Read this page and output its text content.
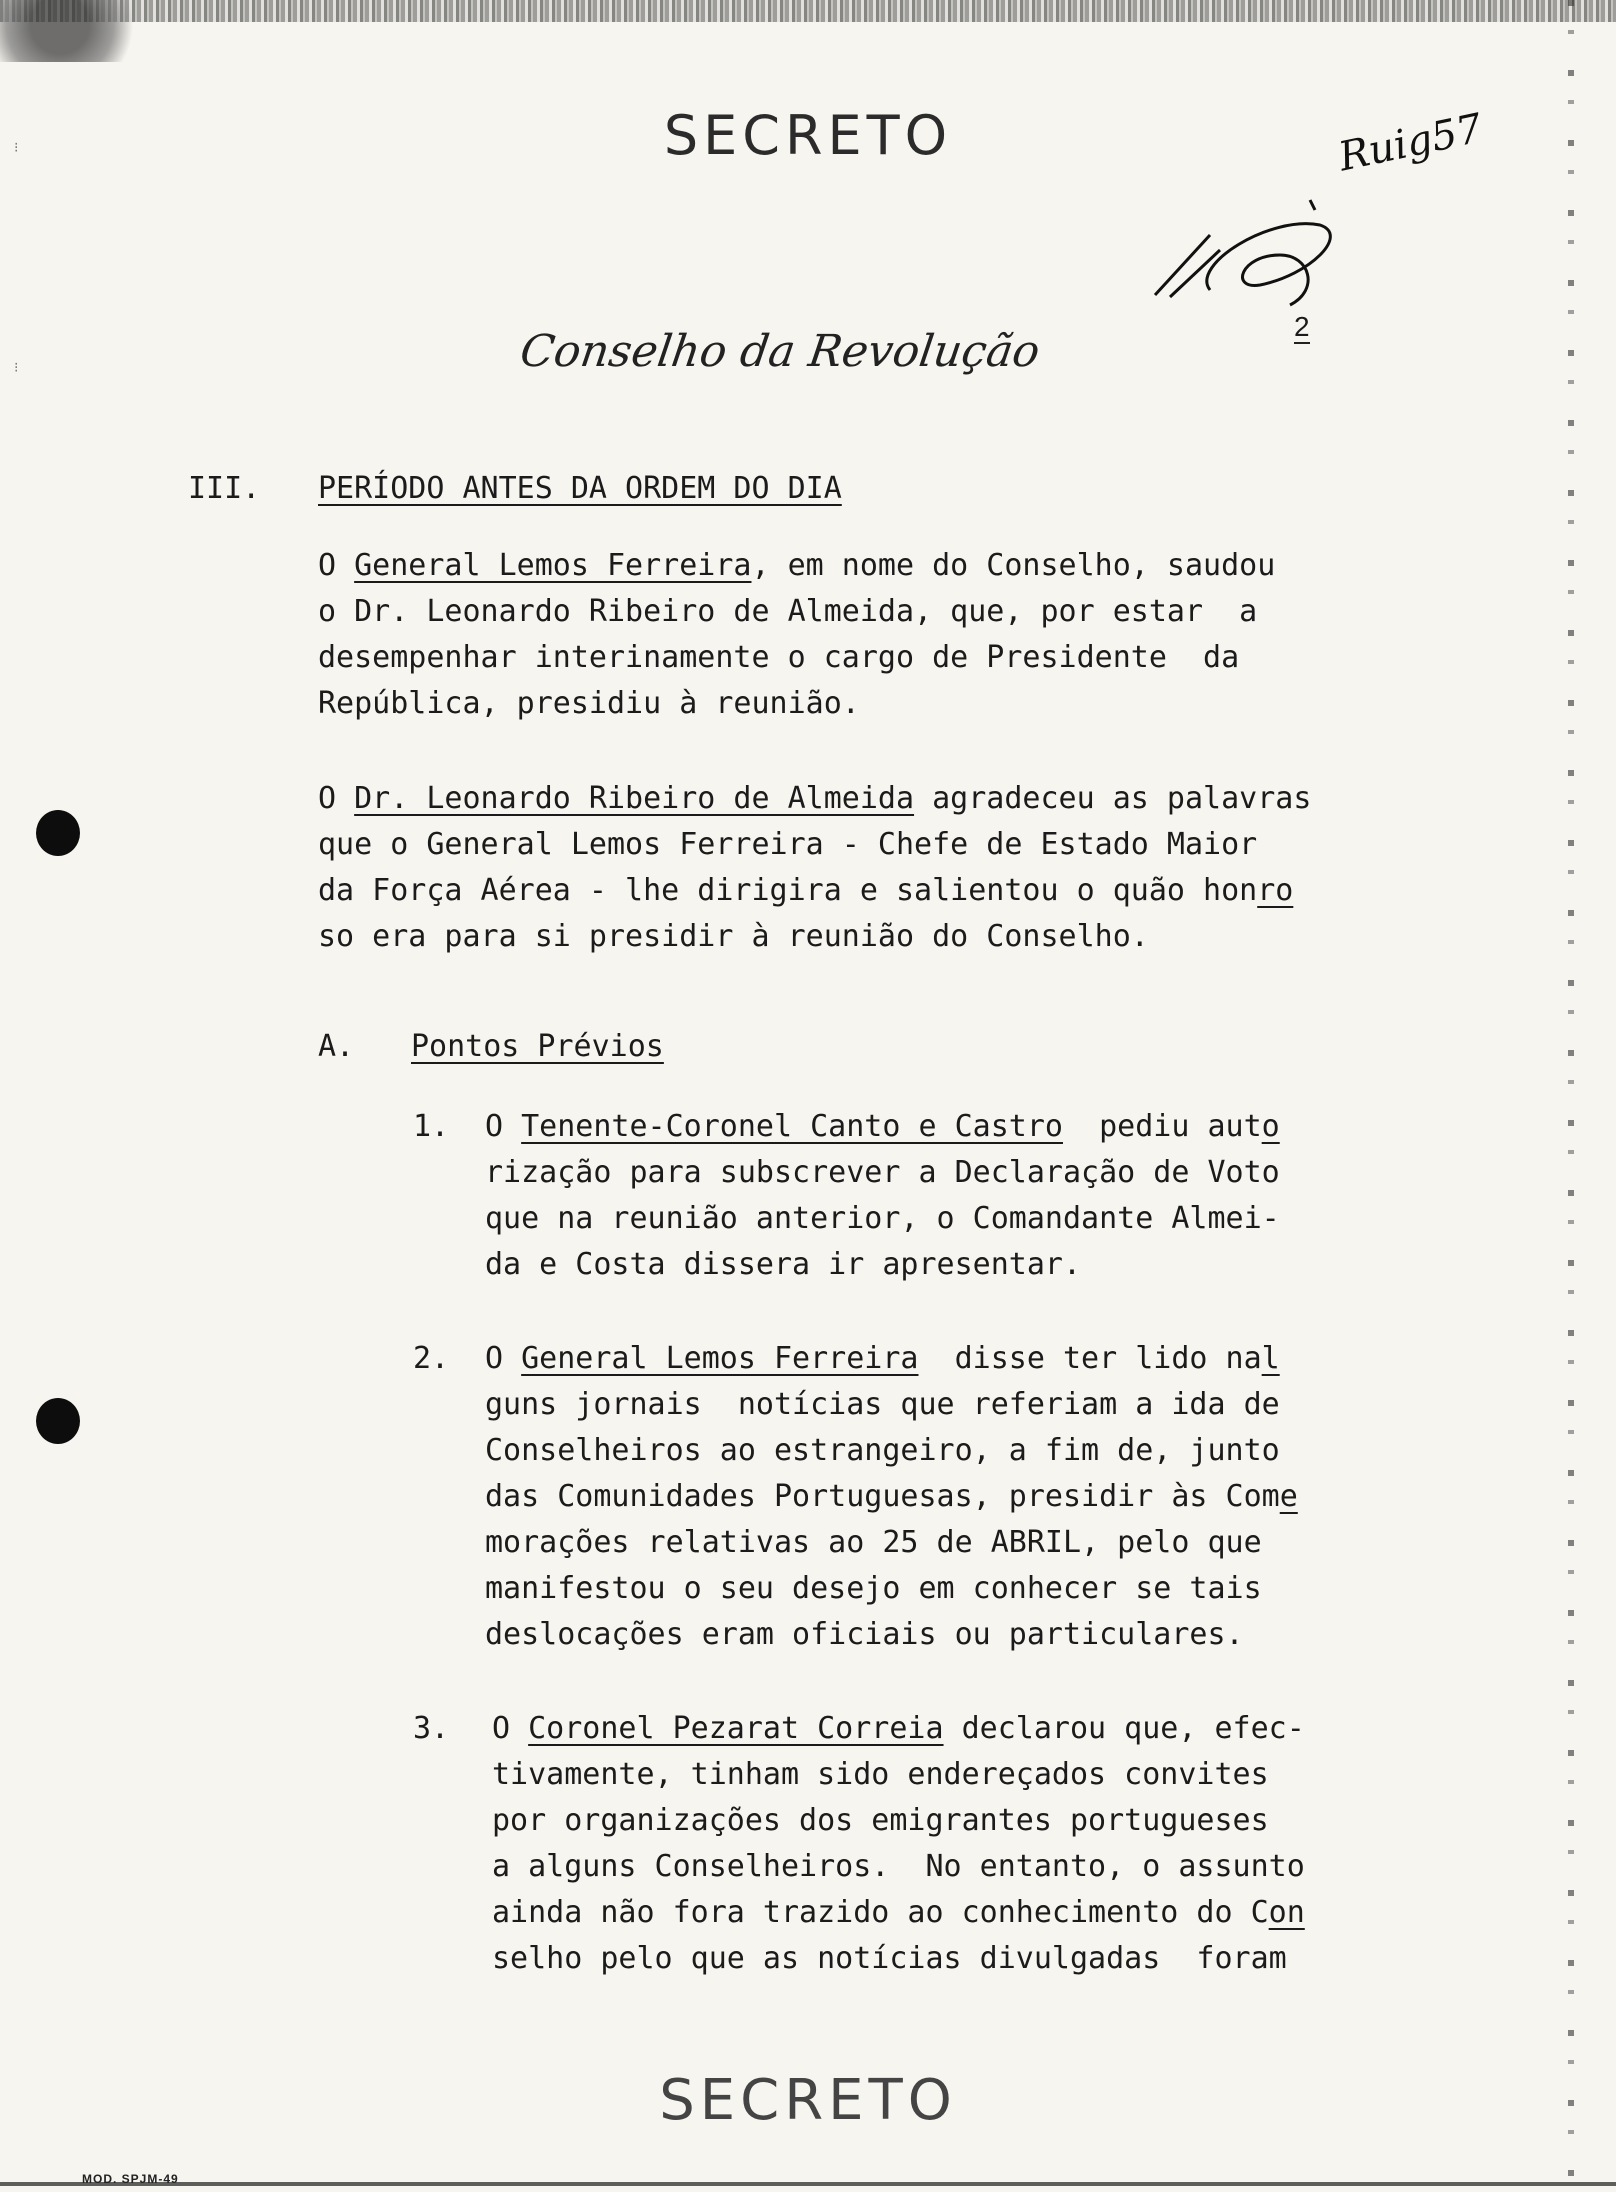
⁝
⁝	SECRETO	Ruig57
2
Conselho da Revolução
III. PERÍODO ANTES DA ORDEM DO DIA
O General Lemos Ferreira, em nome do Conselho, saudou
o Dr. Leonardo Ribeiro de Almeida, que, por estar  a
desempenhar interinamente o cargo de Presidente  da
República, presidiu à reunião.
O Dr. Leonardo Ribeiro de Almeida agradeceu as palavras
que o General Lemos Ferreira - Chefe de Estado Maior
da Força Aérea - lhe dirigira e salientou o quão honro
so era para si presidir à reunião do Conselho.
A. Pontos Prévios
1. O Tenente-Coronel Canto e Castro  pediu auto
rização para subscrever a Declaração de Voto
que na reunião anterior, o Comandante Almei-
da e Costa dissera ir apresentar.
2. O General Lemos Ferreira  disse ter lido nal
guns jornais  notícias que referiam a ida de
Conselheiros ao estrangeiro, a fim de, junto
das Comunidades Portuguesas, presidir às Come
morações relativas ao 25 de ABRIL, pelo que
manifestou o seu desejo em conhecer se tais
deslocações eram oficiais ou particulares.
3. O Coronel Pezarat Correia declarou que, efec-
tivamente, tinham sido endereçados convites
por organizações dos emigrantes portugueses
a alguns Conselheiros.  No entanto, o assunto
ainda não fora trazido ao conhecimento do Con
selho pelo que as notícias divulgadas  foram
SECRETO
MOD. SPJM-49
